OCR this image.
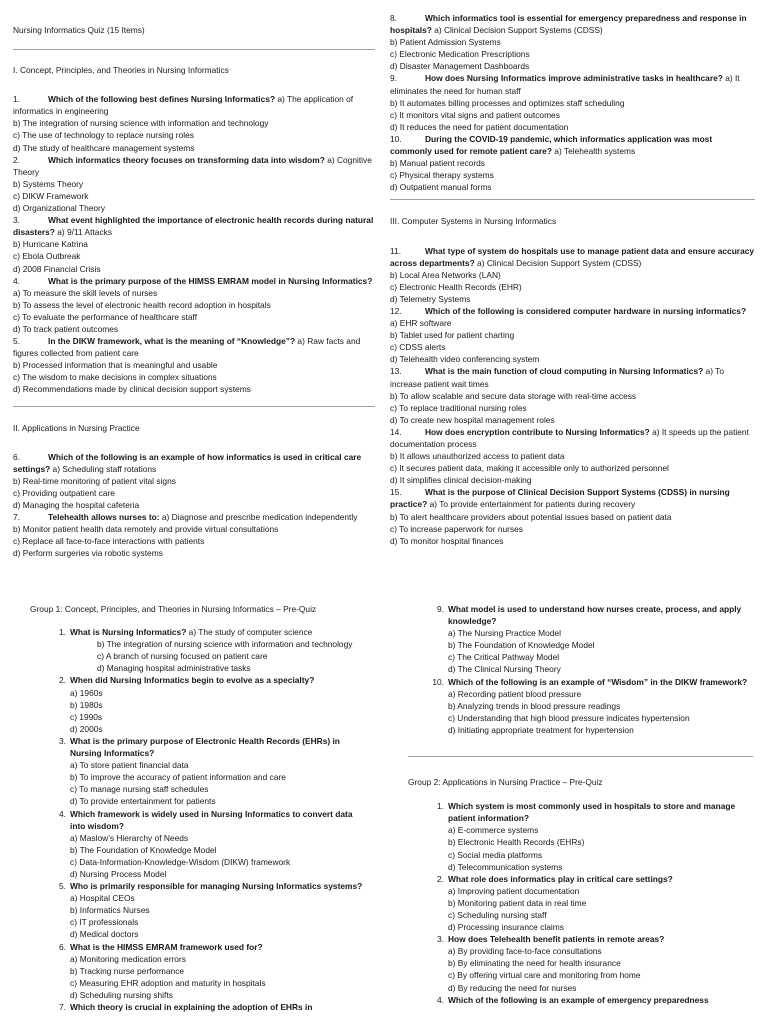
Nursing Informatics Quiz (15 Items)
I. Concept, Principles, and Theories in Nursing Informatics
1.	Which of the following best defines Nursing Informatics? a) The application of informatics in engineering
b) The integration of nursing science with information and technology
c) The use of technology to replace nursing roles
d) The study of healthcare management systems
2.	Which informatics theory focuses on transforming data into wisdom? a) Cognitive Theory
b) Systems Theory
c) DIKW Framework
d) Organizational Theory
3.	What event highlighted the importance of electronic health records during natural disasters? a) 9/11 Attacks
b) Hurricane Katrina
c) Ebola Outbreak
d) 2008 Financial Crisis
4.	What is the primary purpose of the HIMSS EMRAM model in Nursing Informatics? a) To measure the skill levels of nurses
b) To assess the level of electronic health record adoption in hospitals
c) To evaluate the performance of healthcare staff
d) To track patient outcomes
5.	In the DIKW framework, what is the meaning of “Knowledge”? a) Raw facts and figures collected from patient care
b) Processed information that is meaningful and usable
c) The wisdom to make decisions in complex situations
d) Recommendations made by clinical decision support systems
II. Applications in Nursing Practice
6.	Which of the following is an example of how informatics is used in critical care settings? a) Scheduling staff rotations
b) Real-time monitoring of patient vital signs
c) Providing outpatient care
d) Managing the hospital cafeteria
7.	Telehealth allows nurses to: a) Diagnose and prescribe medication independently
b) Monitor patient health data remotely and provide virtual consultations
c) Replace all face-to-face interactions with patients
d) Perform surgeries via robotic systems
8.	Which informatics tool is essential for emergency preparedness and response in hospitals? a) Clinical Decision Support Systems (CDSS)
b) Patient Admission Systems
c) Electronic Medication Prescriptions
d) Disaster Management Dashboards
9.	How does Nursing Informatics improve administrative tasks in healthcare? a) It eliminates the need for human staff
b) It automates billing processes and optimizes staff scheduling
c) It monitors vital signs and patient outcomes
d) It reduces the need for patient documentation
10.	During the COVID-19 pandemic, which informatics application was most commonly used for remote patient care? a) Telehealth systems
b) Manual patient records
c) Physical therapy systems
d) Outpatient manual forms
III. Computer Systems in Nursing Informatics
11.	What type of system do hospitals use to manage patient data and ensure accuracy across departments? a) Clinical Decision Support System (CDSS)
b) Local Area Networks (LAN)
c) Electronic Health Records (EHR)
d) Telemetry Systems
12.	Which of the following is considered computer hardware in nursing informatics? a) EHR software
b) Tablet used for patient charting
c) CDSS alerts
d) Telehealth video conferencing system
13.	What is the main function of cloud computing in Nursing Informatics? a) To increase patient wait times
b) To allow scalable and secure data storage with real-time access
c) To replace traditional nursing roles
d) To create new hospital management roles
14.	How does encryption contribute to Nursing Informatics? a) It speeds up the patient documentation process
b) It allows unauthorized access to patient data
c) It secures patient data, making it accessible only to authorized personnel
d) It simplifies clinical decision-making
15.	What is the purpose of Clinical Decision Support Systems (CDSS) in nursing practice? a) To provide entertainment for patients during recovery
b) To alert healthcare providers about potential issues based on patient data
c) To increase paperwork for nurses
d) To monitor hospital finances
Group 1: Concept, Principles, and Theories in Nursing Informatics – Pre-Quiz
1. What is Nursing Informatics? a) The study of computer science
b) The integration of nursing science with information and technology
c) A branch of nursing focused on patient care
d) Managing hospital administrative tasks
2. When did Nursing Informatics begin to evolve as a specialty?
a) 1960s
b) 1980s
c) 1990s
d) 2000s
3. What is the primary purpose of Electronic Health Records (EHRs) in Nursing Informatics?
a) To store patient financial data
b) To improve the accuracy of patient information and care
c) To manage nursing staff schedules
d) To provide entertainment for patients
4. Which framework is widely used in Nursing Informatics to convert data into wisdom?
a) Maslow’s Hierarchy of Needs
b) The Foundation of Knowledge Model
c) Data-Information-Knowledge-Wisdom (DIKW) framework
d) Nursing Process Model
5. Who is primarily responsible for managing Nursing Informatics systems?
a) Hospital CEOs
b) Informatics Nurses
c) IT professionals
d) Medical doctors
6. What is the HIMSS EMRAM framework used for?
a) Monitoring medication errors
b) Tracking nurse performance
c) Measuring EHR adoption and maturity in hospitals
d) Scheduling nursing shifts
7. Which theory is crucial in explaining the adoption of EHRs in
9. What model is used to understand how nurses create, process, and apply knowledge?
a) The Nursing Practice Model
b) The Foundation of Knowledge Model
c) The Critical Pathway Model
d) The Clinical Nursing Theory
10. Which of the following is an example of “Wisdom” in the DIKW framework?
a) Recording patient blood pressure
b) Analyzing trends in blood pressure readings
c) Understanding that high blood pressure indicates hypertension
d) Initiating appropriate treatment for hypertension
Group 2: Applications in Nursing Practice – Pre-Quiz
1. Which system is most commonly used in hospitals to store and manage patient information?
a) E-commerce systems
b) Electronic Health Records (EHRs)
c) Social media platforms
d) Telecommunication systems
2. What role does informatics play in critical care settings?
a) Improving patient documentation
b) Monitoring patient data in real time
c) Scheduling nursing staff
d) Processing insurance claims
3. How does Telehealth benefit patients in remote areas?
a) By providing face-to-face consultations
b) By eliminating the need for health insurance
c) By offering virtual care and monitoring from home
d) By reducing the need for nurses
4. Which of the following is an example of emergency preparedness
